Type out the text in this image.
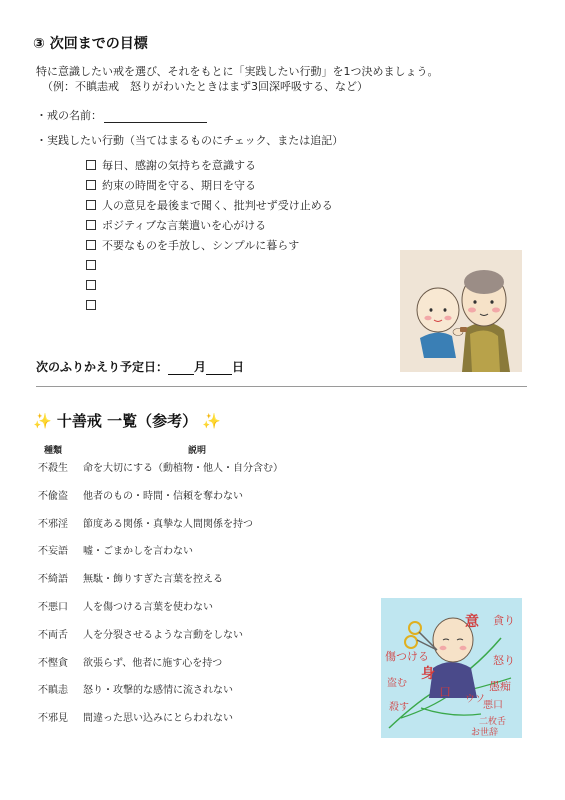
③ 次回までの目標
特に意識したい戒を選び、それをもとに「実践したい行動」を1つ決めましょう。
（例：不瞋恚戒　怒りがわいたときはまず3回深呼吸する、など）
・戒の名前：
・実践したい行動（当てはまるものにチェック、または追記）
毎日、感謝の気持ちを意識する
約束の時間を守る、期日を守る
人の意見を最後まで聞く、批判せず受け止める
ポジティブな言葉遣いを心がける
不要なものを手放し、シンプルに暮らす
次のふりかえり予定日： 月 日
✨ 十善戒 一覧（参考） ✨
種類	説明
不殺生 命を大切にする（動植物・他人・自分含む）
不偸盗 他者のもの・時間・信頼を奪わない
不邪淫 節度ある関係・真摯な人間関係を持つ
不妄語 嘘・ごまかしを言わない
不綺語 無駄・飾りすぎた言葉を控える
不悪口 人を傷つける言葉を使わない
不両舌 人を分裂させるような言動をしない
不慳貪 欲張らず、他者に施す心を持つ
不瞋恚 怒り・攻撃的な感情に流されない
不邪見 間違った思い込みにとらわれない
傷つける
盗む
殺す
身
口
意 貪り
怒り
愚痴
ウソ
悪口
二枚舌
お世辞
